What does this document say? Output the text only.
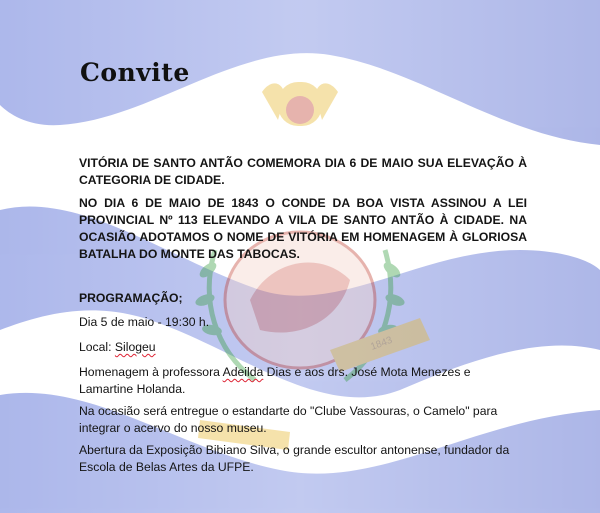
1843
Convite

VITÓRIA DE SANTO ANTÃO COMEMORA DIA 6 DE MAIO SUA ELEVAÇÃO À CATEGORIA DE CIDADE.

NO DIA 6 DE MAIO DE 1843 O CONDE DA BOA VISTA ASSINOU A LEI PROVINCIAL Nº 113 ELEVANDO A VILA DE SANTO ANTÃO À CIDADE. NA OCASIÃO ADOTAMOS O NOME DE VITÓRIA EM HOMENAGEM À GLORIOSA BATALHA DO MONTE DAS TABOCAS.

PROGRAMAÇÃO;

Dia 5 de maio - 19:30 h.

Local: Silogeu

Homenagem à professora Adeilda Dias e aos drs. José Mota Menezes e Lamartine Holanda.

Na ocasião será entregue o estandarte do "Clube Vassouras, o Camelo" para integrar o acervo do nosso museu.

Abertura da Exposição Bibiano Silva, o grande escultor antonense, fundador da Escola de Belas Artes da UFPE.
